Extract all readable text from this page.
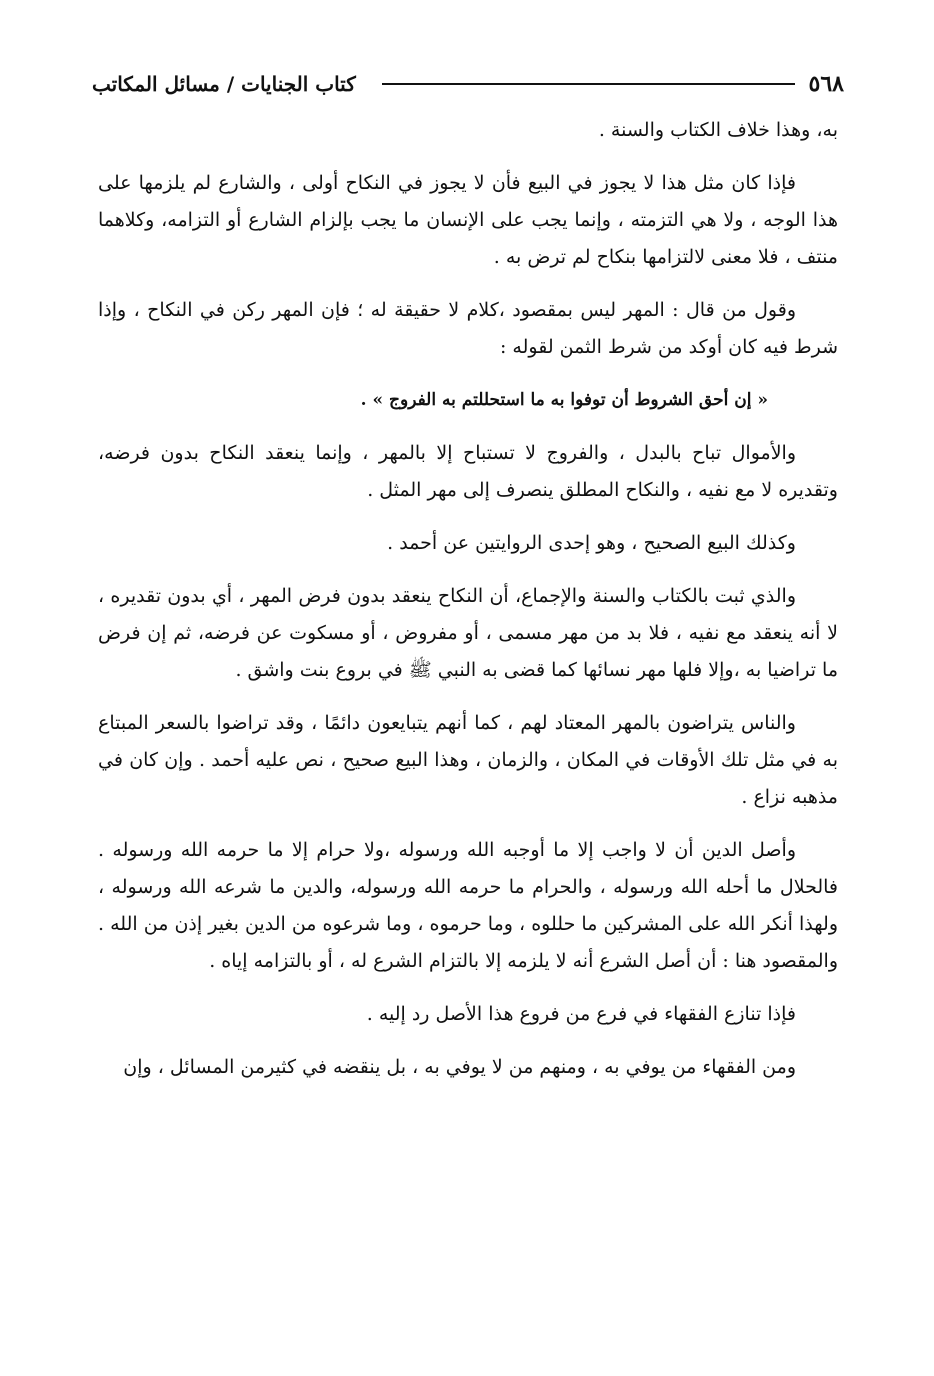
٥٦٨
كتاب الجنايات / مسائل المكاتب

به، وهذا خلاف الكتاب والسنة .

فإذا كان مثل هذا لا يجوز في البيع فأن لا يجوز في النكاح أولى ، والشارع لم يلزمها على هذا الوجه ، ولا هي التزمته ، وإنما يجب على الإنسان ما يجب بإلزام الشارع أو التزامه، وكلاهما منتف ، فلا معنى لالتزامها بنكاح لم ترض به .

وقول من قال : المهر ليس بمقصود ،كلام لا حقيقة له ؛ فإن المهر ركن في النكاح ، وإذا شرط فيه كان أوكد من شرط الثمن لقوله :

« إن أحق الشروط أن توفوا به ما استحللتم به الفروج » .

والأموال تباح بالبدل ، والفروج لا تستباح إلا بالمهر ، وإنما ينعقد النكاح بدون فرضه، وتقديره لا مع نفيه ، والنكاح المطلق ينصرف إلى مهر المثل .

وكذلك البيع الصحيح ، وهو إحدى الروايتين عن أحمد .

والذي ثبت بالكتاب والسنة والإجماع، أن النكاح ينعقد بدون فرض المهر ، أي بدون تقديره ، لا أنه ينعقد مع نفيه ، فلا بد من مهر مسمى ، أو مفروض ، أو مسكوت عن فرضه، ثم إن فرض ما تراضيا به ،وإلا فلها مهر نسائها كما قضى به النبي ﷺ في بروع بنت واشق .

والناس يتراضون بالمهر المعتاد لهم ، كما أنهم يتبايعون دائمًا ، وقد تراضوا بالسعر المبتاع به في مثل تلك الأوقات في المكان ، والزمان ، وهذا البيع صحيح ، نص عليه أحمد . وإن كان في مذهبه نزاع .

وأصل الدين أن لا واجب إلا ما أوجبه الله ورسوله ،ولا حرام إلا ما حرمه الله ورسوله . فالحلال ما أحله الله ورسوله ، والحرام ما حرمه الله ورسوله، والدين ما شرعه الله ورسوله ، ولهذا أنكر الله على المشركين ما حللوه ، وما حرموه ، وما شرعوه من الدين بغير إذن من الله . والمقصود هنا : أن أصل الشرع أنه لا يلزمه إلا بالتزام الشرع له ، أو بالتزامه إياه .

فإذا تنازع الفقهاء في فرع من فروع هذا الأصل رد إليه .

ومن الفقهاء من يوفي به ، ومنهم من لا يوفي به ، بل ينقضه في كثيرمن المسائل ، وإن
